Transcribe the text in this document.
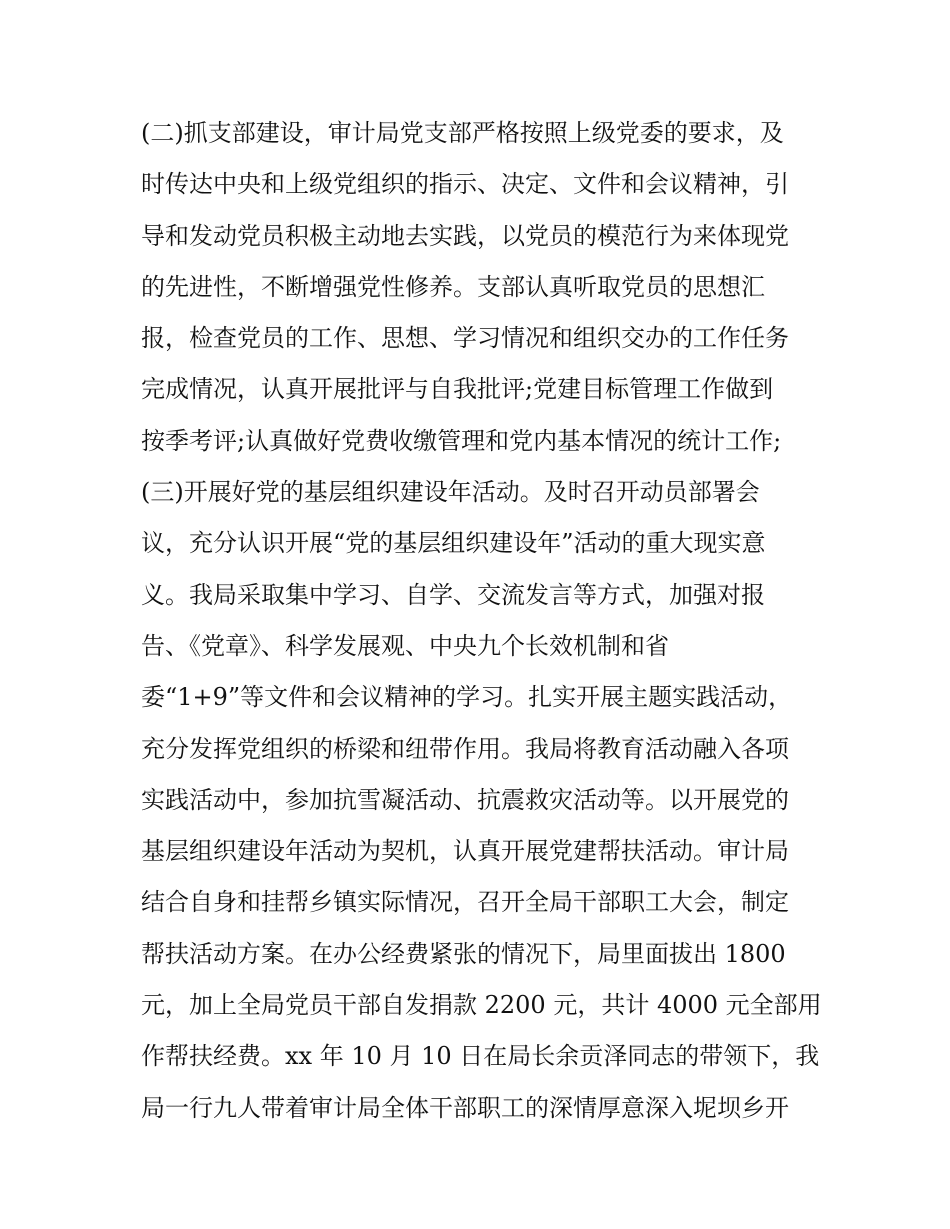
(二)抓支部建设，审计局党支部严格按照上级党委的要求，及
时传达中央和上级党组织的指示、决定、文件和会议精神，引
导和发动党员积极主动地去实践，以党员的模范行为来体现党
的先进性，不断增强党性修养。支部认真听取党员的思想汇
报，检查党员的工作、思想、学习情况和组织交办的工作任务
完成情况，认真开展批评与自我批评;党建目标管理工作做到
按季考评;认真做好党费收缴管理和党内基本情况的统计工作;
(三)开展好党的基层组织建设年活动。及时召开动员部署会
议，充分认识开展“党的基层组织建设年”活动的重大现实意
义。我局采取集中学习、自学、交流发言等方式，加强对报
告、《党章》、科学发展观、中央九个长效机制和省
委“1+9”等文件和会议精神的学习。扎实开展主题实践活动，
充分发挥党组织的桥梁和纽带作用。我局将教育活动融入各项
实践活动中，参加抗雪凝活动、抗震救灾活动等。以开展党的
基层组织建设年活动为契机，认真开展党建帮扶活动。审计局
结合自身和挂帮乡镇实际情况，召开全局干部职工大会，制定
帮扶活动方案。在办公经费紧张的情况下，局里面拔出 1800
元，加上全局党员干部自发捐款 2200 元，共计 4000 元全部用
作帮扶经费。xx 年 10 月 10 日在局长余贡泽同志的带领下，我
局一行九人带着审计局全体干部职工的深情厚意深入坭坝乡开
